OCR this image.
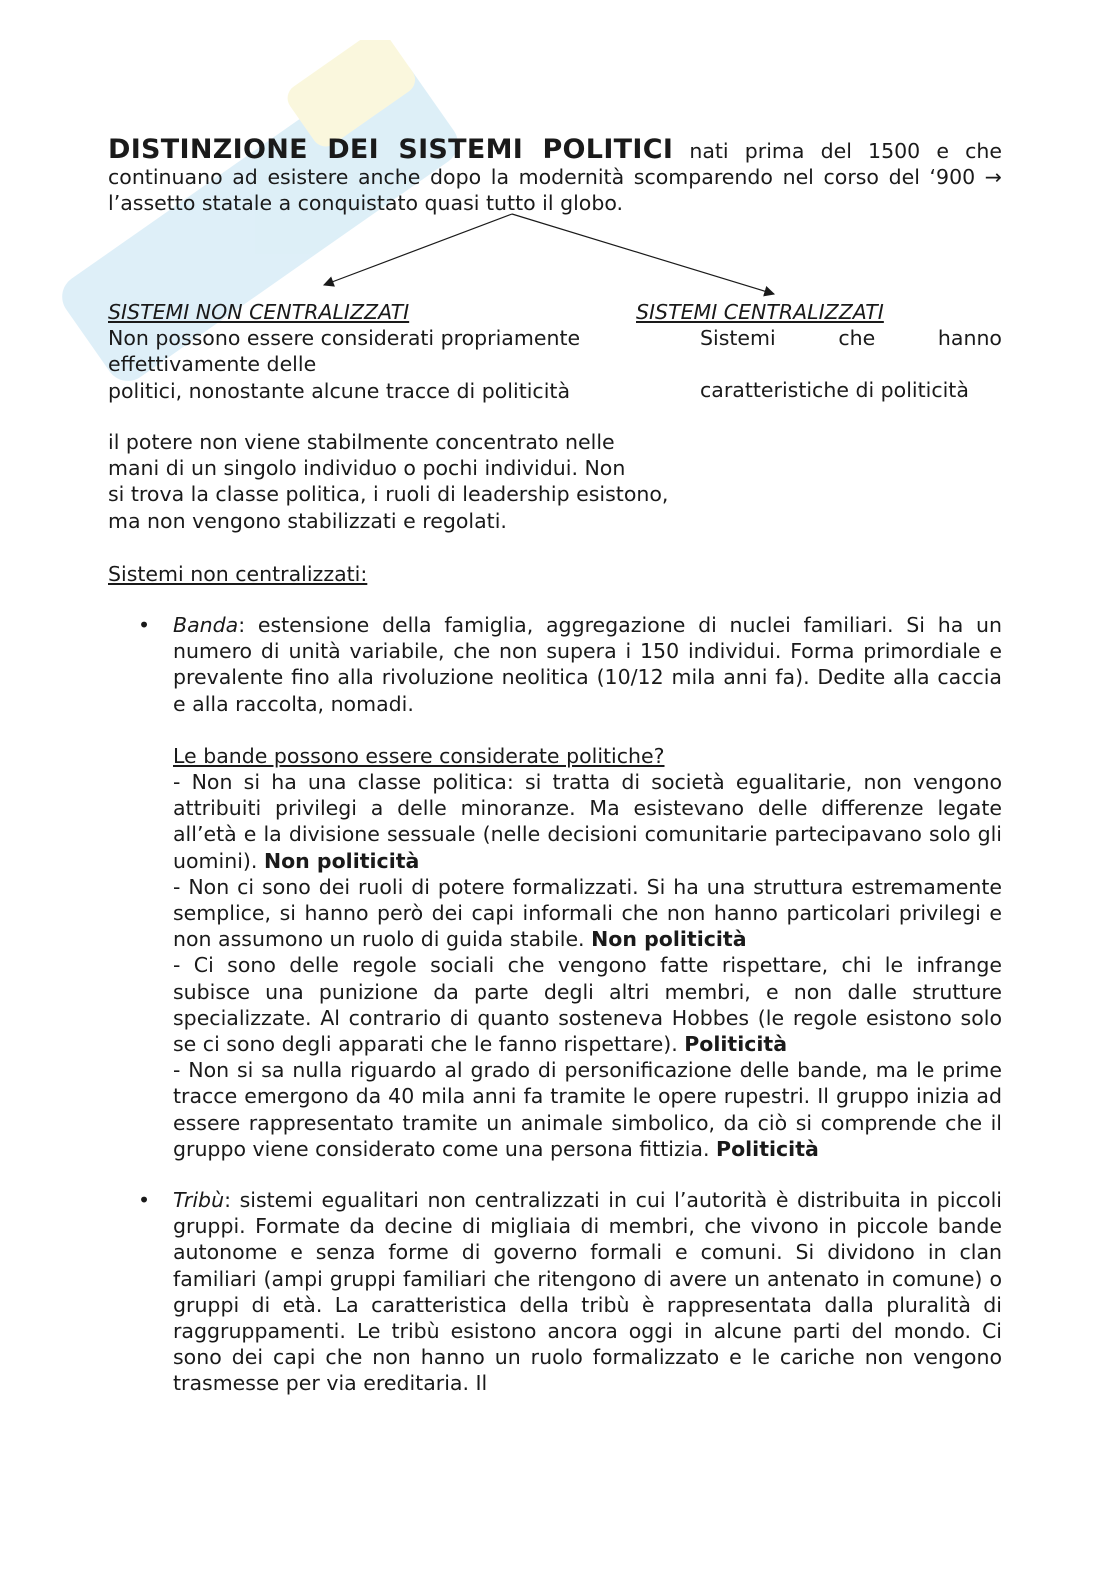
DISTINZIONE DEI SISTEMI POLITICI nati prima del 1500 e che continuano ad esistere anche dopo la modernità scomparendo nel corso del ‘900 → l’assetto statale a conquistato quasi tutto il globo.

SISTEMI NON CENTRALIZZATI

Non possono essere considerati propriamente

effettivamente delle

politici, nonostante alcune tracce di politicità

SISTEMI CENTRALIZZATI

Sistemi	che	hanno

caratteristiche di politicità

il potere non viene stabilmente concentrato nelle

mani di un singolo individuo o pochi individui. Non

si trova la classe politica, i ruoli di leadership esistono,

ma non vengono stabilizzati e regolati.

Sistemi non centralizzati:

• Banda: estensione della famiglia, aggregazione di nuclei familiari. Si ha un numero di unità variabile, che non supera i 150 individui. Forma primordiale e prevalente fino alla rivoluzione neolitica (10/12 mila anni fa). Dedite alla caccia e alla raccolta, nomadi.

Le bande possono essere considerate politiche?

- Non si ha una classe politica: si tratta di società egualitarie, non vengono attribuiti privilegi a delle minoranze. Ma esistevano delle differenze legate all’età e la divisione sessuale (nelle decisioni comunitarie partecipavano solo gli uomini). Non politicità

- Non ci sono dei ruoli di potere formalizzati. Si ha una struttura estremamente semplice, si hanno però dei capi informali che non hanno particolari privilegi e non assumono un ruolo di guida stabile. Non politicità

- Ci sono delle regole sociali che vengono fatte rispettare, chi le infrange subisce una punizione da parte degli altri membri, e non dalle strutture specializzate. Al contrario di quanto sosteneva Hobbes (le regole esistono solo se ci sono degli apparati che le fanno rispettare). Politicità

- Non si sa nulla riguardo al grado di personificazione delle bande, ma le prime tracce emergono da 40 mila anni fa tramite le opere rupestri. Il gruppo inizia ad essere rappresentato tramite un animale simbolico, da ciò si comprende che il gruppo viene considerato come una persona fittizia. Politicità

• Tribù: sistemi egualitari non centralizzati in cui l’autorità è distribuita in piccoli gruppi. Formate da decine di migliaia di membri, che vivono in piccole bande autonome e senza forme di governo formali e comuni. Si dividono in clan familiari (ampi gruppi familiari che ritengono di avere un antenato in comune) o gruppi di età. La caratteristica della tribù è rappresentata dalla pluralità di raggruppamenti. Le tribù esistono ancora oggi in alcune parti del mondo. Ci sono dei capi che non hanno un ruolo formalizzato e le cariche non vengono trasmesse per via ereditaria. Il
